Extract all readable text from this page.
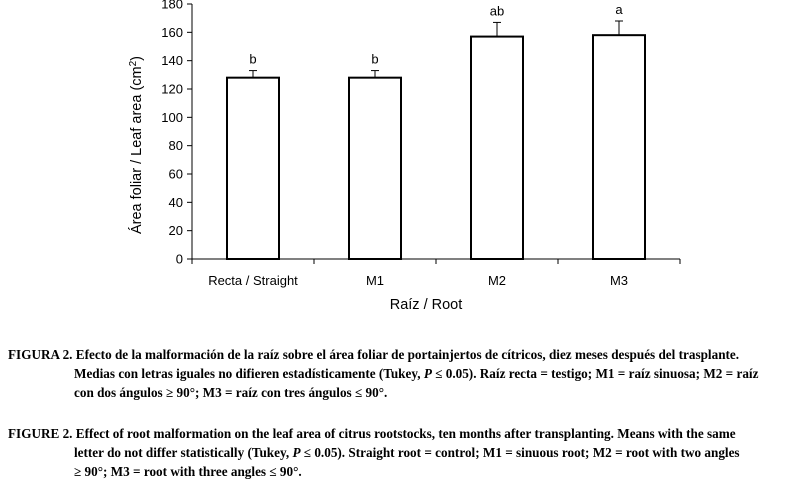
0
20
40
60
80
100
120
140
160
180
Recta / Straight	M1	M2	M3
b	b
ab	a
Raíz / Root
Área foliar / Leaf area $(cm^2)$
FIGURA 2. Efecto de la malformación de la raíz sobre el área foliar de portainjertos de cítricos, diez meses después del trasplante.
Medias con letras iguales no difieren estadísticamente (Tukey, P ≤ 0.05). Raíz recta = testigo; M1 = raíz sinuosa; M2 = raíz
con dos ángulos ≥ 90°; M3 = raíz con tres ángulos ≤ 90°.
FIGURE 2. Effect of root malformation on the leaf area of citrus rootstocks, ten months after transplanting. Means with the same
letter do not differ statistically (Tukey, P ≤ 0.05). Straight root = control; M1 = sinuous root; M2 = root with two angles
≥ 90°; M3 = root with three angles ≤ 90°.
